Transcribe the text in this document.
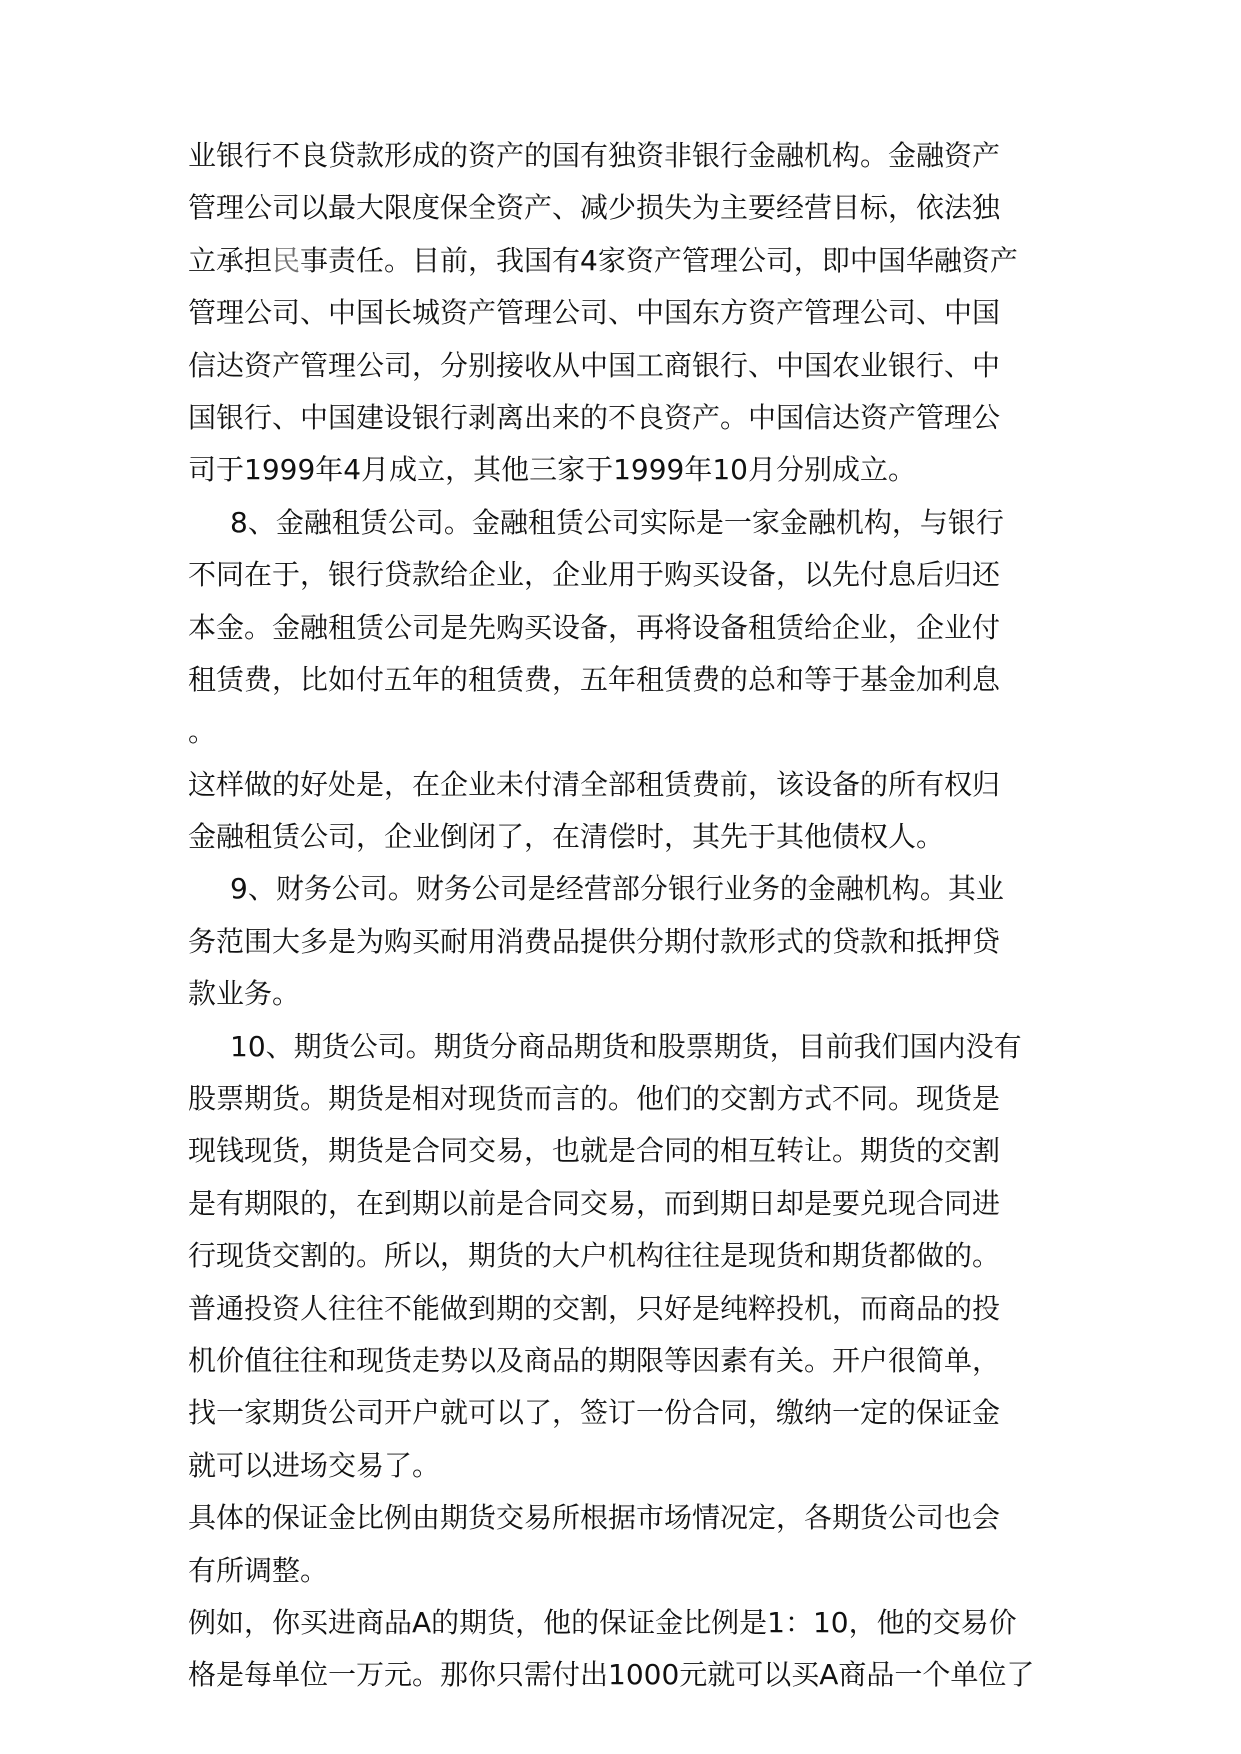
业银行不良贷款形成的资产的国有独资非银行金融机构。金融资产
管理公司以最大限度保全资产、减少损失为主要经营目标，依法独
立承担民事责任。目前，我国有4家资产管理公司，即中国华融资产
管理公司、中国长城资产管理公司、中国东方资产管理公司、中国
信达资产管理公司，分别接收从中国工商银行、中国农业银行、中
国银行、中国建设银行剥离出来的不良资产。中国信达资产管理公
司于1999年4月成立，其他三家于1999年10月分别成立。
8、金融租赁公司。金融租赁公司实际是一家金融机构，与银行
不同在于，银行贷款给企业，企业用于购买设备，以先付息后归还
本金。金融租赁公司是先购买设备，再将设备租赁给企业，企业付
租赁费，比如付五年的租赁费，五年租赁费的总和等于基金加利息
。
这样做的好处是，在企业未付清全部租赁费前，该设备的所有权归
金融租赁公司，企业倒闭了，在清偿时，其先于其他债权人。
9、财务公司。财务公司是经营部分银行业务的金融机构。其业
务范围大多是为购买耐用消费品提供分期付款形式的贷款和抵押贷
款业务。
10、期货公司。期货分商品期货和股票期货，目前我们国内没有
股票期货。期货是相对现货而言的。他们的交割方式不同。现货是
现钱现货，期货是合同交易，也就是合同的相互转让。期货的交割
是有期限的，在到期以前是合同交易，而到期日却是要兑现合同进
行现货交割的。所以，期货的大户机构往往是现货和期货都做的。
普通投资人往往不能做到期的交割，只好是纯粹投机，而商品的投
机价值往往和现货走势以及商品的期限等因素有关。开户很简单，
找一家期货公司开户就可以了，签订一份合同，缴纳一定的保证金
就可以进场交易了。
具体的保证金比例由期货交易所根据市场情况定，各期货公司也会
有所调整。
例如，你买进商品A的期货，他的保证金比例是1：10，他的交易价
格是每单位一万元。那你只需付出1000元就可以买A商品一个单位了
